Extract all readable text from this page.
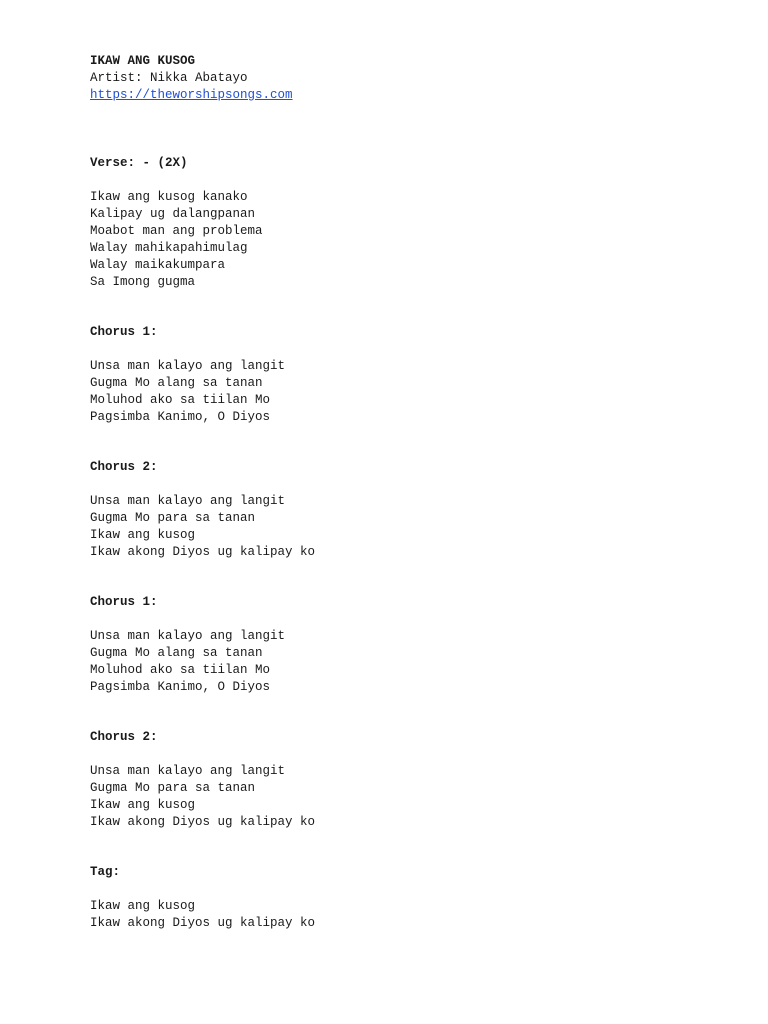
IKAW ANG KUSOG
Artist: Nikka Abatayo
https://theworshipsongs.com
Verse: - (2X)
Ikaw ang kusog kanako
Kalipay ug dalangpanan
Moabot man ang problema
Walay mahikapahimulag
Walay maikakumpara
Sa Imong gugma
Chorus 1:
Unsa man kalayo ang langit
Gugma Mo alang sa tanan
Moluhod ako sa tiilan Mo
Pagsimba Kanimo, O Diyos
Chorus 2:
Unsa man kalayo ang langit
Gugma Mo para sa tanan
Ikaw ang kusog
Ikaw akong Diyos ug kalipay ko
Chorus 1:
Unsa man kalayo ang langit
Gugma Mo alang sa tanan
Moluhod ako sa tiilan Mo
Pagsimba Kanimo, O Diyos
Chorus 2:
Unsa man kalayo ang langit
Gugma Mo para sa tanan
Ikaw ang kusog
Ikaw akong Diyos ug kalipay ko
Tag:
Ikaw ang kusog
Ikaw akong Diyos ug kalipay ko
